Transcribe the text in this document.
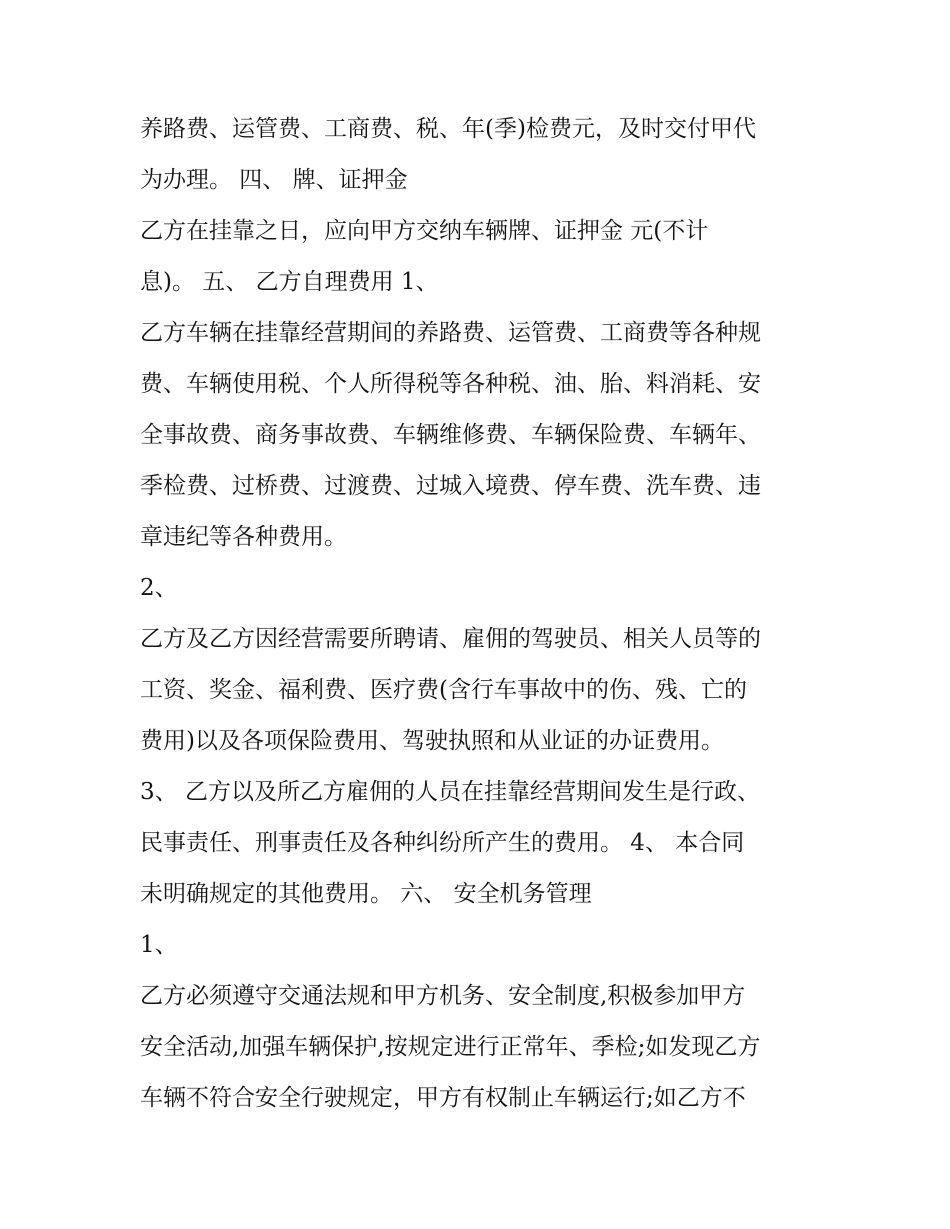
养路费、运管费、工商费、税、年(季)检费元，及时交付甲代
为办理。 四、 牌、证押金
乙方在挂靠之日，应向甲方交纳车辆牌、证押金 元(不计
息)。 五、 乙方自理费用 1、
乙方车辆在挂靠经营期间的养路费、运管费、工商费等各种规
费、车辆使用税、个人所得税等各种税、油、胎、料消耗、安
全事故费、商务事故费、车辆维修费、车辆保险费、车辆年、
季检费、过桥费、过渡费、过城入境费、停车费、洗车费、违
章违纪等各种费用。
2、
乙方及乙方因经营需要所聘请、雇佣的驾驶员、相关人员等的
工资、奖金、福利费、医疗费(含行车事故中的伤、残、亡的
费用)以及各项保险费用、驾驶执照和从业证的办证费用。
3、 乙方以及所乙方雇佣的人员在挂靠经营期间发生是行政、
民事责任、刑事责任及各种纠纷所产生的费用。 4、 本合同
未明确规定的其他费用。 六、 安全机务管理
1、
乙方必须遵守交通法规和甲方机务、安全制度,积极参加甲方
安全活动,加强车辆保护,按规定进行正常年、季检;如发现乙方
车辆不符合安全行驶规定，甲方有权制止车辆运行;如乙方不
